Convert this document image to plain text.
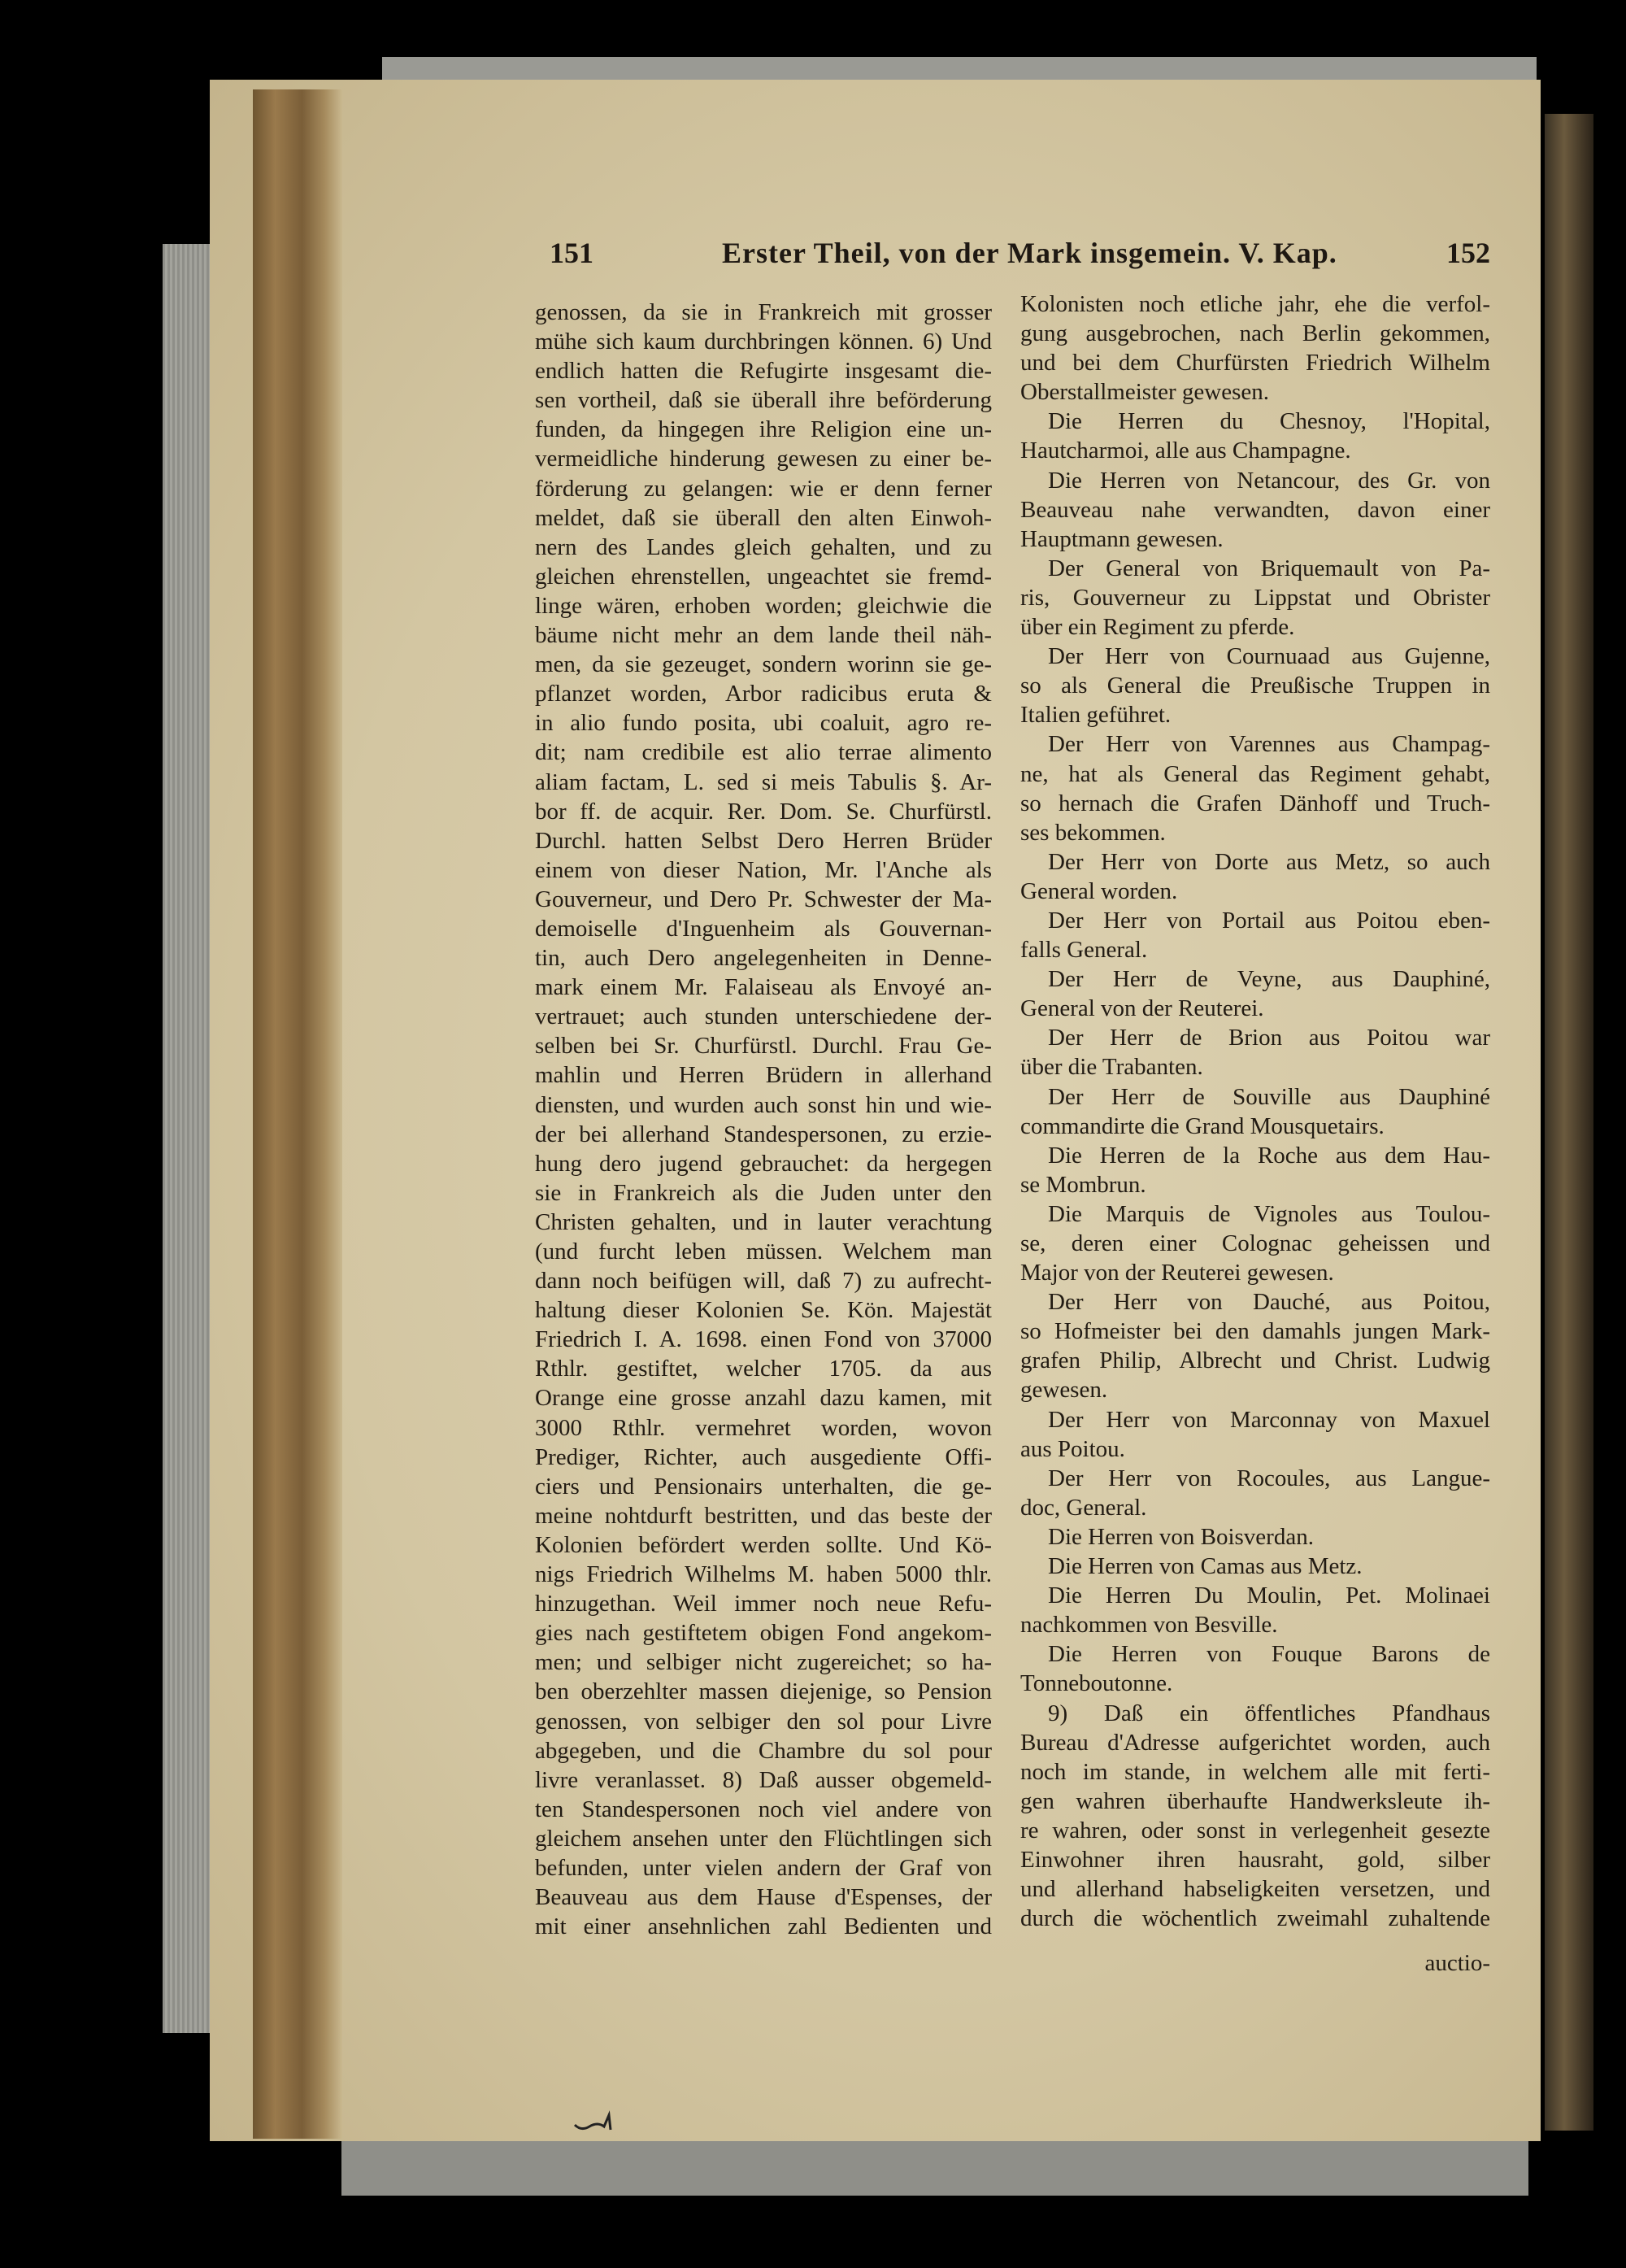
151	Erster Theil, von der Mark insgemein. V. Kap.	152
genossen, da sie in Frankreich mit grosser
mühe sich kaum durchbringen können. 6) Und
endlich hatten die Refugirte insgesamt die-
sen vortheil, daß sie überall ihre beförderung
funden, da hingegen ihre Religion eine un-
vermeidliche hinderung gewesen zu einer be-
förderung zu gelangen: wie er denn ferner
meldet, daß sie überall den alten Einwoh-
nern des Landes gleich gehalten, und zu
gleichen ehrenstellen, ungeachtet sie fremd-
linge wären, erhoben worden; gleichwie die
bäume nicht mehr an dem lande theil näh-
men, da sie gezeuget, sondern worinn sie ge-
pflanzet worden, Arbor radicibus eruta &
in alio fundo posita, ubi coaluit, agro re-
dit; nam credibile est alio terrae alimento
aliam factam, L. sed si meis Tabulis §. Ar-
bor ff. de acquir. Rer. Dom. Se. Churfürstl.
Durchl. hatten Selbst Dero Herren Brüder
einem von dieser Nation, Mr. l'Anche als
Gouverneur, und Dero Pr. Schwester der Ma-
demoiselle d'Inguenheim als Gouvernan-
tin, auch Dero angelegenheiten in Denne-
mark einem Mr. Falaiseau als Envoyé an-
vertrauet; auch stunden unterschiedene der-
selben bei Sr. Churfürstl. Durchl. Frau Ge-
mahlin und Herren Brüdern in allerhand
diensten, und wurden auch sonst hin und wie-
der bei allerhand Standespersonen, zu erzie-
hung dero jugend gebrauchet: da hergegen
sie in Frankreich als die Juden unter den
Christen gehalten, und in lauter verachtung
(und furcht leben müssen. Welchem man
dann noch beifügen will, daß 7) zu aufrecht-
haltung dieser Kolonien Se. Kön. Majestät
Friedrich I. A. 1698. einen Fond von 37000
Rthlr. gestiftet, welcher 1705. da aus
Orange eine grosse anzahl dazu kamen, mit
3000 Rthlr. vermehret worden, wovon
Prediger, Richter, auch ausgediente Offi-
ciers und Pensionairs unterhalten, die ge-
meine nohtdurft bestritten, und das beste der
Kolonien befördert werden sollte. Und Kö-
nigs Friedrich Wilhelms M. haben 5000 thlr.
hinzugethan. Weil immer noch neue Refu-
gies nach gestiftetem obigen Fond angekom-
men; und selbiger nicht zugereichet; so ha-
ben oberzehlter massen diejenige, so Pension
genossen, von selbiger den sol pour Livre
abgegeben, und die Chambre du sol pour
livre veranlasset. 8) Daß ausser obgemeld-
ten Standespersonen noch viel andere von
gleichem ansehen unter den Flüchtlingen sich
befunden, unter vielen andern der Graf von
Beauveau aus dem Hause d'Espenses, der
mit einer ansehnlichen zahl Bedienten und
Kolonisten noch etliche jahr, ehe die verfol-
gung ausgebrochen, nach Berlin gekommen,
und bei dem Churfürsten Friedrich Wilhelm
Oberstallmeister gewesen.
Die Herren du Chesnoy, l'Hopital,
Hautcharmoi, alle aus Champagne.
Die Herren von Netancour, des Gr. von
Beauveau nahe verwandten, davon einer
Hauptmann gewesen.
Der General von Briquemault von Pa-
ris, Gouverneur zu Lippstat und Obrister
über ein Regiment zu pferde.
Der Herr von Cournuaad aus Gujenne,
so als General die Preußische Truppen in
Italien geführet.
Der Herr von Varennes aus Champag-
ne, hat als General das Regiment gehabt,
so hernach die Grafen Dänhoff und Truch-
ses bekommen.
Der Herr von Dorte aus Metz, so auch
General worden.
Der Herr von Portail aus Poitou eben-
falls General.
Der Herr de Veyne, aus Dauphiné,
General von der Reuterei.
Der Herr de Brion aus Poitou war
über die Trabanten.
Der Herr de Souville aus Dauphiné
commandirte die Grand Mousquetairs.
Die Herren de la Roche aus dem Hau-
se Mombrun.
Die Marquis de Vignoles aus Toulou-
se, deren einer Colognac geheissen und
Major von der Reuterei gewesen.
Der Herr von Dauché, aus Poitou,
so Hofmeister bei den damahls jungen Mark-
grafen Philip, Albrecht und Christ. Ludwig
gewesen.
Der Herr von Marconnay von Maxuel
aus Poitou.
Der Herr von Rocoules, aus Langue-
doc, General.
Die Herren von Boisverdan.
Die Herren von Camas aus Metz.
Die Herren Du Moulin, Pet. Molinaei
nachkommen von Besville.
Die Herren von Fouque Barons de
Tonneboutonne.
9) Daß ein öffentliches Pfandhaus
Bureau d'Adresse aufgerichtet worden, auch
noch im stande, in welchem alle mit ferti-
gen wahren überhaufte Handwerksleute ih-
re wahren, oder sonst in verlegenheit gesezte
Einwohner ihren hausraht, gold, silber
und allerhand habseligkeiten versetzen, und
durch die wöchentlich zweimahl zuhaltende
auctio-
